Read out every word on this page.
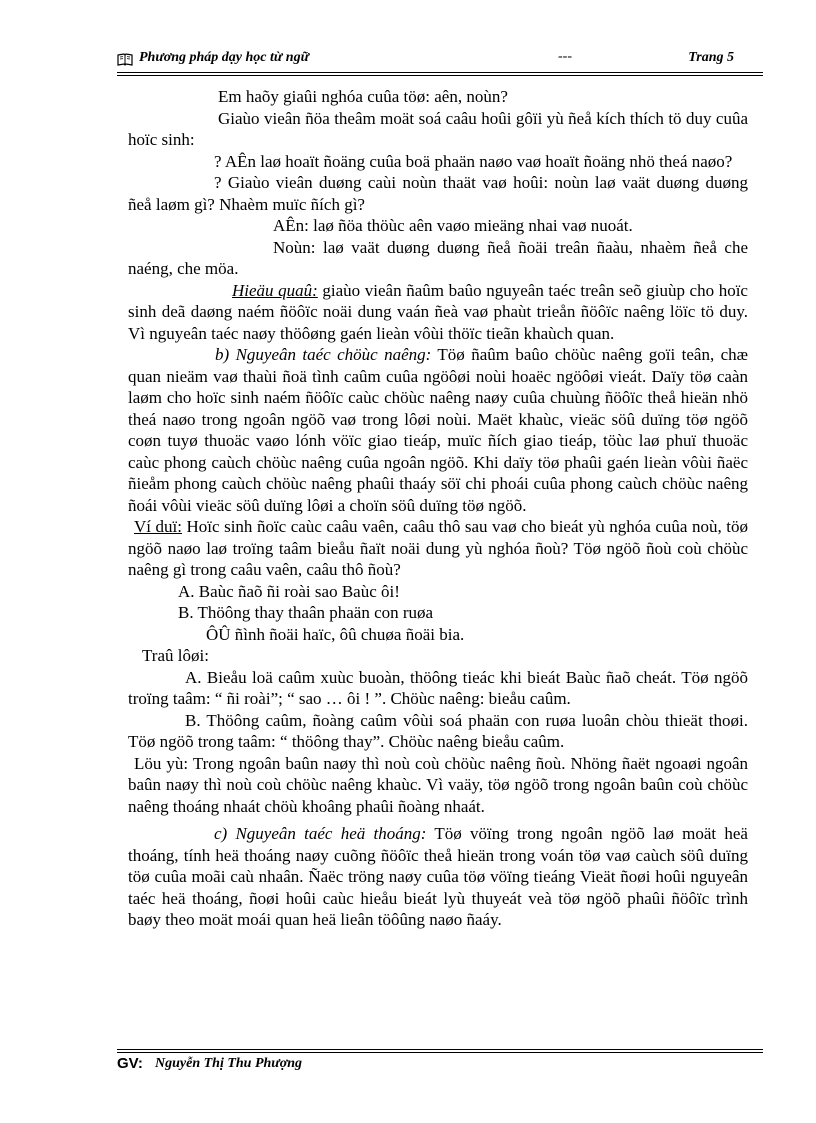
Phương pháp dạy học từ ngữ	---	Trang 5

Em haõy giaûi nghóa cuûa töø: aên, noùn?

Giaùo vieân ñöa theâm moät soá caâu hoûi gôïi yù ñeå kích thích tö duy cuûa hoïc sinh:

? AÊn laø hoaït ñoäng cuûa boä phaän naøo vaø hoaït ñoäng nhö theá naøo?

? Giaùo vieân duøng caùi noùn thaät vaø hoûi: noùn laø vaät duøng duøng ñeå laøm gì? Nhaèm muïc ñích gì?

AÊn: laø ñöa thöùc aên vaøo mieäng nhai vaø nuoát.

Noùn: laø vaät duøng duøng ñeå ñoäi treân ñaàu, nhaèm ñeå che naéng, che möa.

Hieäu quaû: giaùo vieân ñaûm baûo nguyeân taéc treân seõ giuùp cho hoïc sinh deã daøng naém ñöôïc noäi dung vaán ñeà vaø phaùt trieån ñöôïc naêng löïc tö duy. Vì nguyeân taéc naøy thöôøng gaén lieàn vôùi thöïc tieãn khaùch quan.

b) Nguyeân taéc chöùc naêng: Töø ñaûm baûo chöùc naêng goïi teân, chæ quan nieäm vaø thaùi ñoä tình caûm cuûa ngöôøi noùi hoaëc ngöôøi vieát. Daïy töø caàn laøm cho hoïc sinh naém ñöôïc caùc chöùc naêng naøy cuûa chuùng ñöôïc theå hieän nhö theá naøo trong ngoân ngöõ vaø trong lôøi noùi. Maët khaùc, vieäc söû duïng töø ngöõ coøn tuyø thuoäc vaøo lónh vöïc giao tieáp, muïc ñích giao tieáp, töùc laø phuï thuoäc caùc phong caùch chöùc naêng cuûa ngoân ngöõ. Khi daïy töø phaûi gaén lieàn vôùi ñaëc ñieåm phong caùch chöùc naêng phaûi thaáy söï chi phoái cuûa phong caùch chöùc naêng ñoái vôùi vieäc söû duïng lôøi a choïn söû duïng töø ngöõ.

Ví duï: Hoïc sinh ñoïc caùc caâu vaên, caâu thô sau vaø cho bieát yù nghóa cuûa noù, töø ngöõ naøo laø troïng taâm bieåu ñaït noäi dung yù nghóa ñoù? Töø ngöõ ñoù coù chöùc naêng gì trong caâu vaên, caâu thô ñoù?

A. Baùc ñaõ ñi roài sao Baùc ôi!

B. Thöông thay thaân phaän con ruøa

ÔÛ ñình ñoäi haïc, ôû chuøa ñoäi bia.

Traû lôøi:

A. Bieåu loä caûm xuùc buoàn, thöông tieác khi bieát Baùc ñaõ cheát. Töø ngöõ troïng taâm: “ ñi roài”; “ sao … ôi ! ”. Chöùc naêng: bieåu caûm.

B. Thöông caûm, ñoàng caûm vôùi soá phaän con ruøa luoân chòu thieät thoøi. Töø ngöõ trong taâm: “ thöông thay”. Chöùc naêng bieåu caûm.

Löu yù: Trong ngoân baûn naøy thì noù coù chöùc naêng ñoù. Nhöng ñaët ngoaøi ngoân baûn naøy thì noù coù chöùc naêng khaùc. Vì vaäy, töø ngöõ trong ngoân baûn coù chöùc naêng thoáng nhaát chöù khoâng phaûi ñoàng nhaát.

c) Nguyeân taéc heä thoáng: Töø vöïng trong ngoân ngöõ laø moät heä thoáng, tính heä thoáng naøy cuõng ñöôïc theå hieän trong voán töø vaø caùch söû duïng töø cuûa moãi caù nhaân. Ñaëc tröng naøy cuûa töø vöïng tieáng Vieät ñoøi hoûi nguyeân taéc heä thoáng, ñoøi hoûi caùc hieåu bieát lyù thuyeát veà töø ngöõ phaûi ñöôïc trình baøy theo moät moái quan heä lieân töôûng naøo ñaáy.

GV: Nguyễn Thị Thu Phượng
